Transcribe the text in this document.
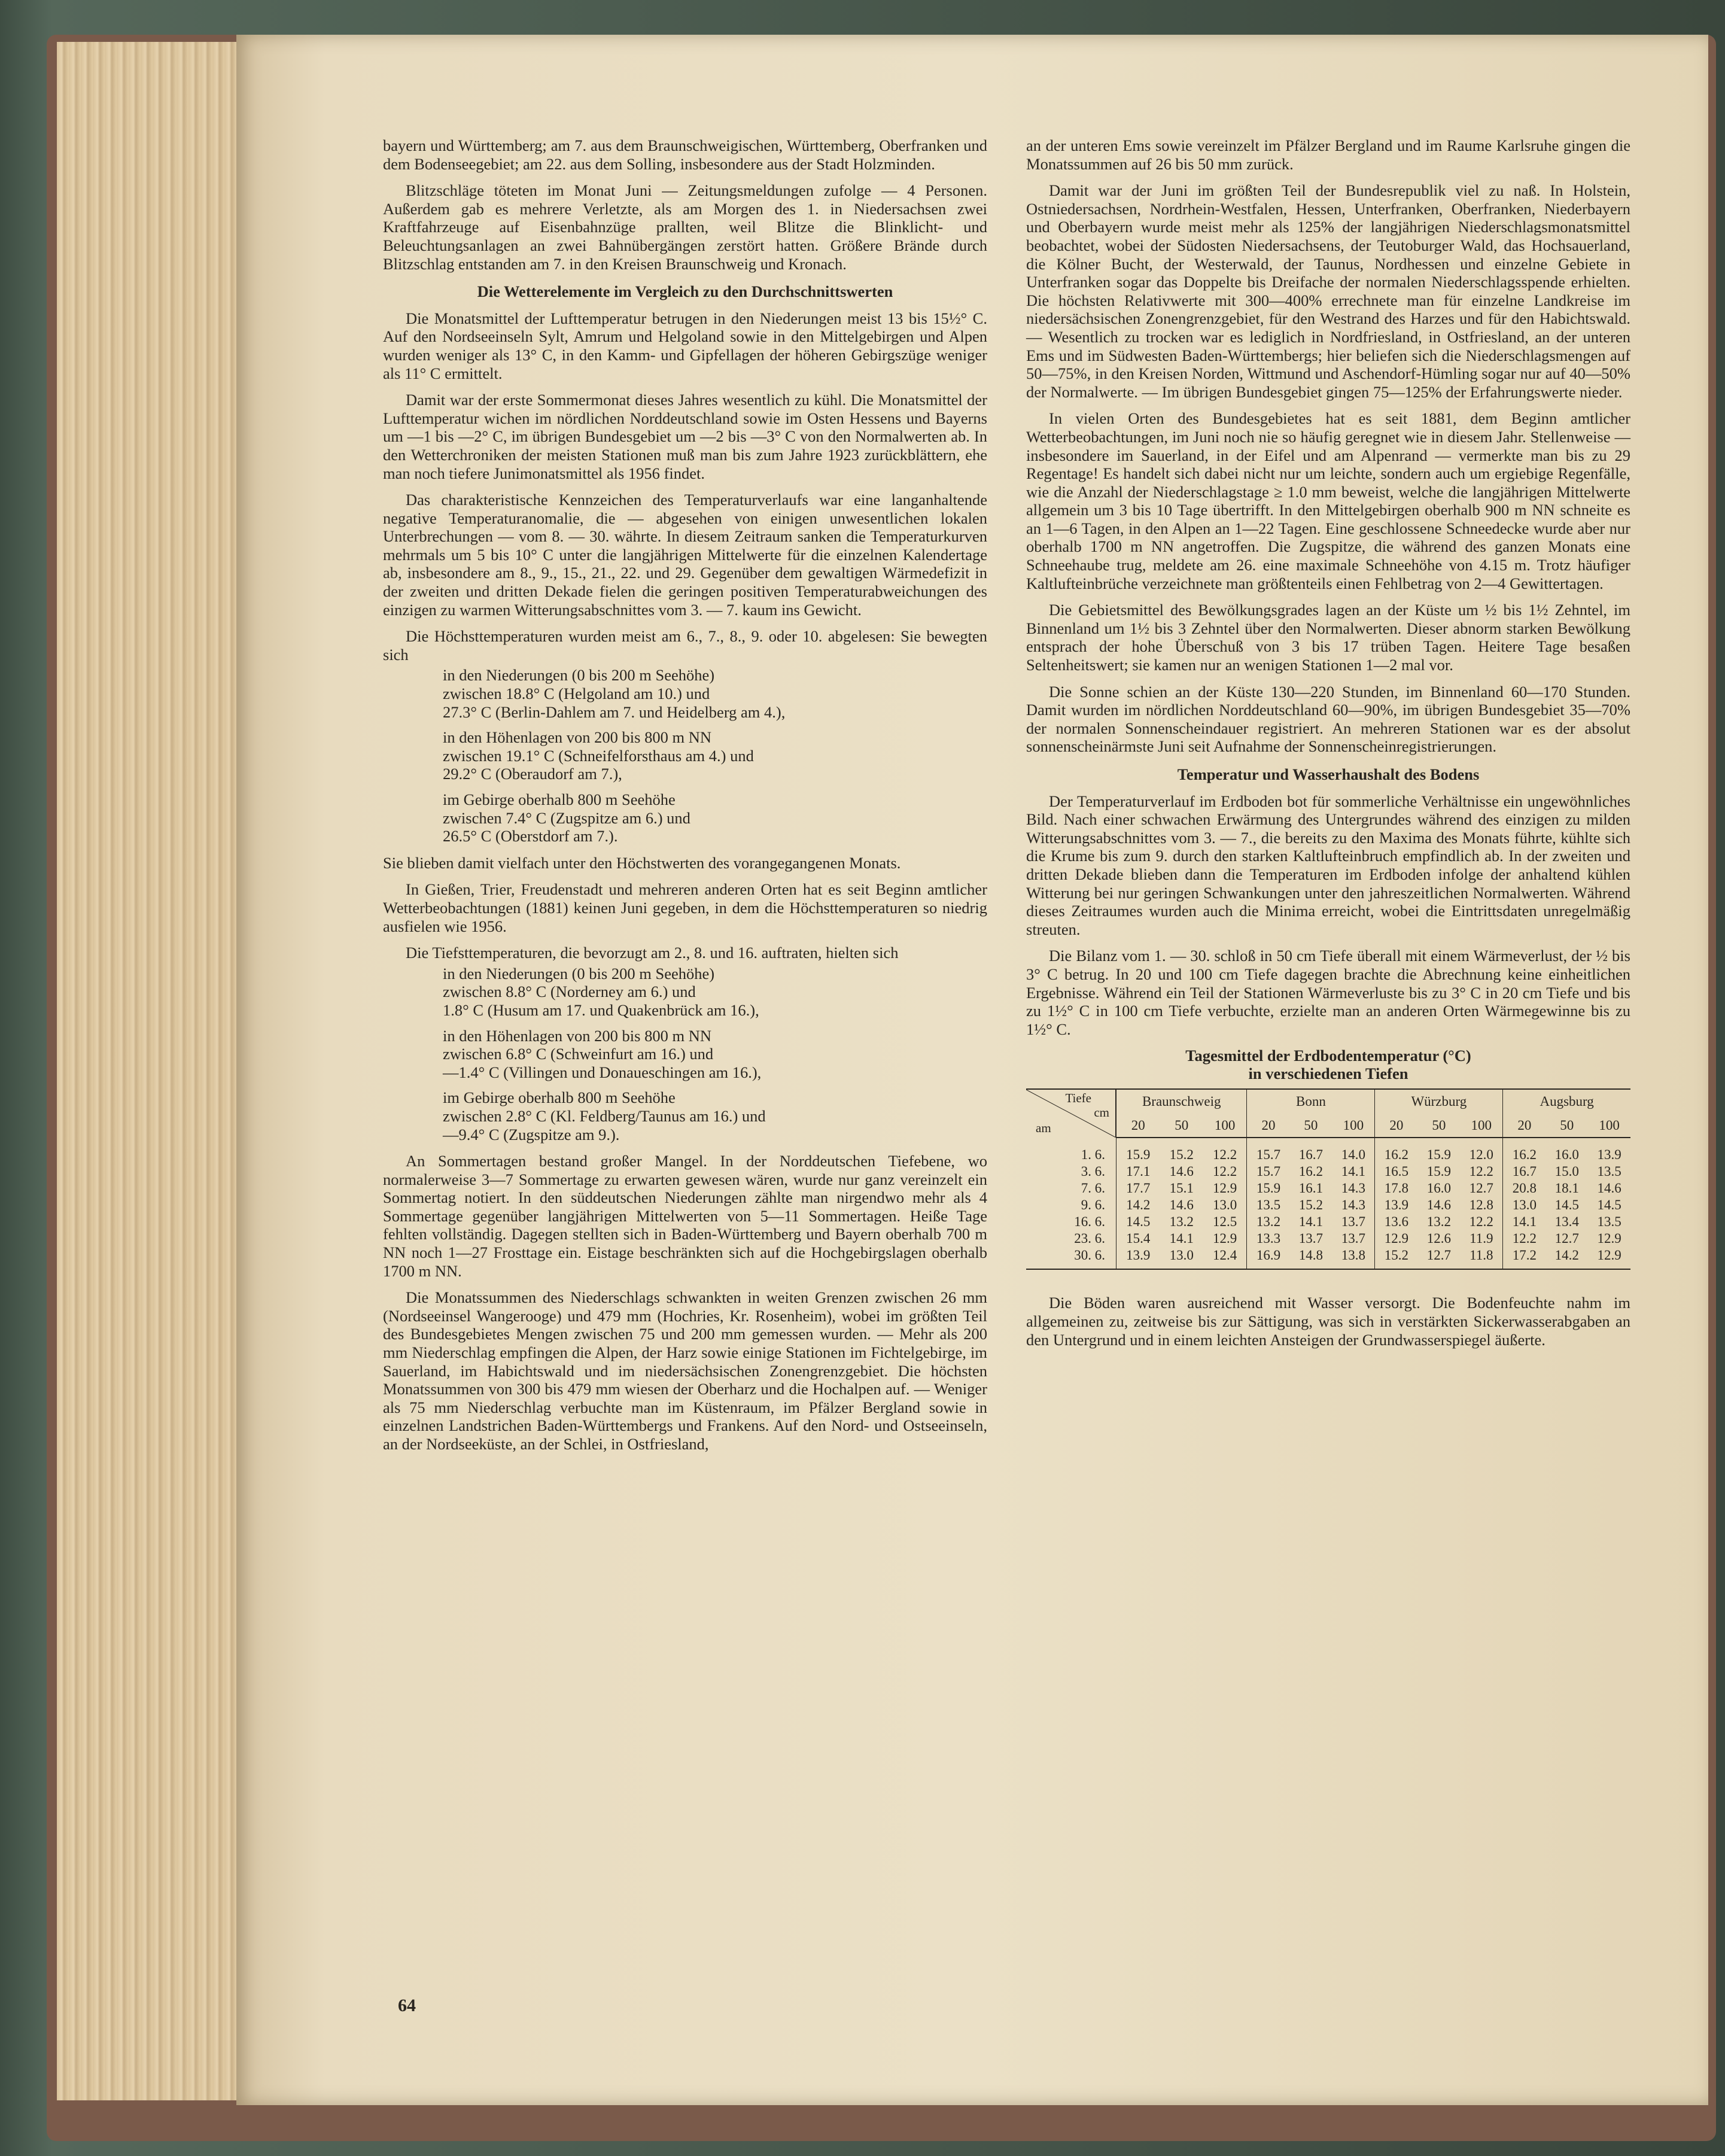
bayern und Württemberg; am 7. aus dem Braunschweigischen, Württemberg, Oberfranken und dem Bodenseegebiet; am 22. aus dem Solling, insbesondere aus der Stadt Holzminden.

Blitzschläge töteten im Monat Juni — Zeitungsmeldungen zufolge — 4 Personen. Außerdem gab es mehrere Verletzte, als am Morgen des 1. in Niedersachsen zwei Kraftfahrzeuge auf Eisenbahnzüge prallten, weil Blitze die Blinklicht- und Beleuchtungsanlagen an zwei Bahnübergängen zerstört hatten. Größere Brände durch Blitzschlag entstanden am 7. in den Kreisen Braunschweig und Kronach.

Die Wetterelemente im Vergleich zu den Durchschnittswerten

Die Monatsmittel der Lufttemperatur betrugen in den Niederungen meist 13 bis 15½° C. Auf den Nordseeinseln Sylt, Amrum und Helgoland sowie in den Mittelgebirgen und Alpen wurden weniger als 13° C, in den Kamm- und Gipfellagen der höheren Gebirgszüge weniger als 11° C ermittelt.

Damit war der erste Sommermonat dieses Jahres wesentlich zu kühl. Die Monatsmittel der Lufttemperatur wichen im nördlichen Norddeutschland sowie im Osten Hessens und Bayerns um —1 bis —2° C, im übrigen Bundesgebiet um —2 bis —3° C von den Normalwerten ab. In den Wetterchroniken der meisten Stationen muß man bis zum Jahre 1923 zurückblättern, ehe man noch tiefere Junimonatsmittel als 1956 findet.

Das charakteristische Kennzeichen des Temperaturverlaufs war eine langanhaltende negative Temperaturanomalie, die — abgesehen von einigen unwesentlichen lokalen Unterbrechungen — vom 8. — 30. währte. In diesem Zeitraum sanken die Temperaturkurven mehrmals um 5 bis 10° C unter die langjährigen Mittelwerte für die einzelnen Kalendertage ab, insbesondere am 8., 9., 15., 21., 22. und 29. Gegenüber dem gewaltigen Wärmedefizit in der zweiten und dritten Dekade fielen die geringen positiven Temperaturabweichungen des einzigen zu warmen Witterungsabschnittes vom 3. — 7. kaum ins Gewicht.

Die Höchsttemperaturen wurden meist am 6., 7., 8., 9. oder 10. abgelesen: Sie bewegten sich

in den Niederungen (0 bis 200 m Seehöhe)
zwischen 18.8° C (Helgoland am 10.) und
27.3° C (Berlin-Dahlem am 7. und Heidelberg am 4.),
in den Höhenlagen von 200 bis 800 m NN
zwischen 19.1° C (Schneifelforsthaus am 4.) und
29.2° C (Oberaudorf am 7.),
im Gebirge oberhalb 800 m Seehöhe
zwischen 7.4° C (Zugspitze am 6.) und
26.5° C (Oberstdorf am 7.).

Sie blieben damit vielfach unter den Höchstwerten des vorangegangenen Monats.

In Gießen, Trier, Freudenstadt und mehreren anderen Orten hat es seit Beginn amtlicher Wetterbeobachtungen (1881) keinen Juni gegeben, in dem die Höchsttemperaturen so niedrig ausfielen wie 1956.

Die Tiefsttemperaturen, die bevorzugt am 2., 8. und 16. auftraten, hielten sich

in den Niederungen (0 bis 200 m Seehöhe)
zwischen 8.8° C (Norderney am 6.) und
1.8° C (Husum am 17. und Quakenbrück am 16.),
in den Höhenlagen von 200 bis 800 m NN
zwischen 6.8° C (Schweinfurt am 16.) und
—1.4° C (Villingen und Donaueschingen am 16.),
im Gebirge oberhalb 800 m Seehöhe
zwischen 2.8° C (Kl. Feldberg/Taunus am 16.) und
—9.4° C (Zugspitze am 9.).

An Sommertagen bestand großer Mangel. In der Norddeutschen Tiefebene, wo normalerweise 3—7 Sommertage zu erwarten gewesen wären, wurde nur ganz vereinzelt ein Sommertag notiert. In den süddeutschen Niederungen zählte man nirgendwo mehr als 4 Sommertage gegenüber langjährigen Mittelwerten von 5—11 Sommertagen. Heiße Tage fehlten vollständig. Dagegen stellten sich in Baden-Württemberg und Bayern oberhalb 700 m NN noch 1—27 Frosttage ein. Eistage beschränkten sich auf die Hochgebirgslagen oberhalb 1700 m NN.

Die Monatssummen des Niederschlags schwankten in weiten Grenzen zwischen 26 mm (Nordseeinsel Wangerooge) und 479 mm (Hochries, Kr. Rosenheim), wobei im größten Teil des Bundesgebietes Mengen zwischen 75 und 200 mm gemessen wurden. — Mehr als 200 mm Niederschlag empfingen die Alpen, der Harz sowie einige Stationen im Fichtelgebirge, im Sauerland, im Habichtswald und im niedersächsischen Zonengrenzgebiet. Die höchsten Monatssummen von 300 bis 479 mm wiesen der Oberharz und die Hochalpen auf. — Weniger als 75 mm Niederschlag verbuchte man im Küstenraum, im Pfälzer Bergland sowie in einzelnen Landstrichen Baden-Württembergs und Frankens. Auf den Nord- und Ostseeinseln, an der Nordseeküste, an der Schlei, in Ostfriesland,

an der unteren Ems sowie vereinzelt im Pfälzer Bergland und im Raume Karlsruhe gingen die Monatssummen auf 26 bis 50 mm zurück.

Damit war der Juni im größten Teil der Bundesrepublik viel zu naß. In Holstein, Ostniedersachsen, Nordrhein-Westfalen, Hessen, Unterfranken, Oberfranken, Niederbayern und Oberbayern wurde meist mehr als 125% der langjährigen Niederschlagsmonatsmittel beobachtet, wobei der Südosten Niedersachsens, der Teutoburger Wald, das Hochsauerland, die Kölner Bucht, der Westerwald, der Taunus, Nordhessen und einzelne Gebiete in Unterfranken sogar das Doppelte bis Dreifache der normalen Niederschlagsspende erhielten. Die höchsten Relativwerte mit 300—400% errechnete man für einzelne Landkreise im niedersächsischen Zonengrenzgebiet, für den Westrand des Harzes und für den Habichtswald. — Wesentlich zu trocken war es lediglich in Nordfriesland, in Ostfriesland, an der unteren Ems und im Südwesten Baden-Württembergs; hier beliefen sich die Niederschlagsmengen auf 50—75%, in den Kreisen Norden, Wittmund und Aschendorf-Hümling sogar nur auf 40—50% der Normalwerte. — Im übrigen Bundesgebiet gingen 75—125% der Erfahrungswerte nieder.

In vielen Orten des Bundesgebietes hat es seit 1881, dem Beginn amtlicher Wetterbeobachtungen, im Juni noch nie so häufig geregnet wie in diesem Jahr. Stellenweise — insbesondere im Sauerland, in der Eifel und am Alpenrand — vermerkte man bis zu 29 Regentage! Es handelt sich dabei nicht nur um leichte, sondern auch um ergiebige Regenfälle, wie die Anzahl der Niederschlagstage ≥ 1.0 mm beweist, welche die langjährigen Mittelwerte allgemein um 3 bis 10 Tage übertrifft. In den Mittelgebirgen oberhalb 900 m NN schneite es an 1—6 Tagen, in den Alpen an 1—22 Tagen. Eine geschlossene Schneedecke wurde aber nur oberhalb 1700 m NN angetroffen. Die Zugspitze, die während des ganzen Monats eine Schneehaube trug, meldete am 26. eine maximale Schneehöhe von 4.15 m. Trotz häufiger Kaltlufteinbrüche verzeichnete man größtenteils einen Fehlbetrag von 2—4 Gewittertagen.

Die Gebietsmittel des Bewölkungsgrades lagen an der Küste um ½ bis 1½ Zehntel, im Binnenland um 1½ bis 3 Zehntel über den Normalwerten. Dieser abnorm starken Bewölkung entsprach der hohe Überschuß von 3 bis 17 trüben Tagen. Heitere Tage besaßen Seltenheitswert; sie kamen nur an wenigen Stationen 1—2 mal vor.

Die Sonne schien an der Küste 130—220 Stunden, im Binnenland 60—170 Stunden. Damit wurden im nördlichen Norddeutschland 60—90%, im übrigen Bundesgebiet 35—70% der normalen Sonnenscheindauer registriert. An mehreren Stationen war es der absolut sonnenscheinärmste Juni seit Aufnahme der Sonnenscheinregistrierungen.

Temperatur und Wasserhaushalt des Bodens

Der Temperaturverlauf im Erdboden bot für sommerliche Verhältnisse ein ungewöhnliches Bild. Nach einer schwachen Erwärmung des Untergrundes während des einzigen zu milden Witterungsabschnittes vom 3. — 7., die bereits zu den Maxima des Monats führte, kühlte sich die Krume bis zum 9. durch den starken Kaltlufteinbruch empfindlich ab. In der zweiten und dritten Dekade blieben dann die Temperaturen im Erdboden infolge der anhaltend kühlen Witterung bei nur geringen Schwankungen unter den jahreszeitlichen Normalwerten. Während dieses Zeitraumes wurden auch die Minima erreicht, wobei die Eintrittsdaten unregelmäßig streuten.

Die Bilanz vom 1. — 30. schloß in 50 cm Tiefe überall mit einem Wärmeverlust, der ½ bis 3° C betrug. In 20 und 100 cm Tiefe dagegen brachte die Abrechnung keine einheitlichen Ergebnisse. Während ein Teil der Stationen Wärmeverluste bis zu 3° C in 20 cm Tiefe und bis zu 1½° C in 100 cm Tiefe verbuchte, erzielte man an anderen Orten Wärmegewinne bis zu 1½° C.

Tagesmittel der Erdbodentemperatur (°C)
in verschiedenen Tiefen
Tiefe
cm
am	Braunschweig			Bonn			Würzburg			Augsburg		
	20	50	100	20	50	100	20	50	100	20	50	100
1. 6.	15.9	15.2	12.2	15.7	16.7	14.0	16.2	15.9	12.0	16.2	16.0	13.9
3. 6.	17.1	14.6	12.2	15.7	16.2	14.1	16.5	15.9	12.2	16.7	15.0	13.5
7. 6.	17.7	15.1	12.9	15.9	16.1	14.3	17.8	16.0	12.7	20.8	18.1	14.6
9. 6.	14.2	14.6	13.0	13.5	15.2	14.3	13.9	14.6	12.8	13.0	14.5	14.5
16. 6.	14.5	13.2	12.5	13.2	14.1	13.7	13.6	13.2	12.2	14.1	13.4	13.5
23. 6.	15.4	14.1	12.9	13.3	13.7	13.7	12.9	12.6	11.9	12.2	12.7	12.9
30. 6.	13.9	13.0	12.4	16.9	14.8	13.8	15.2	12.7	11.8	17.2	14.2	12.9

Die Böden waren ausreichend mit Wasser versorgt. Die Bodenfeuchte nahm im allgemeinen zu, zeitweise bis zur Sättigung, was sich in verstärkten Sickerwasserabgaben an den Untergrund und in einem leichten Ansteigen der Grundwasserspiegel äußerte.

64
